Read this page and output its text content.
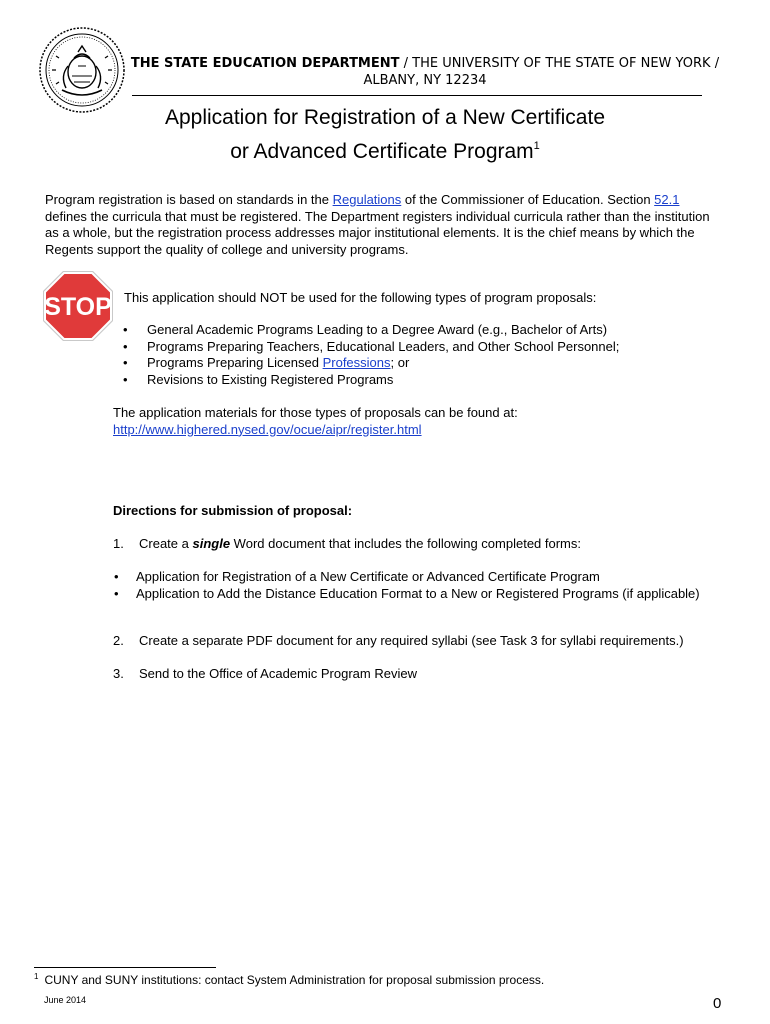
THE STATE EDUCATION DEPARTMENT / THE UNIVERSITY OF THE STATE OF NEW YORK / ALBANY, NY 12234
Application for Registration of a New Certificate
or Advanced Certificate Program$^1$
Program registration is based on standards in the Regulations of the Commissioner of Education. Section 52.1 defines the curricula that must be registered. The Department registers individual curricula rather than the institution as a whole, but the registration process addresses major institutional elements. It is the chief means by which the Regents support the quality of college and university programs.
STOP This application should NOT be used for the following types of program proposals:
• General Academic Programs Leading to a Degree Award (e.g., Bachelor of Arts)
• Programs Preparing Teachers, Educational Leaders, and Other School Personnel;
• Programs Preparing Licensed Professions; or
• Revisions to Existing Registered Programs
The application materials for those types of proposals can be found at:
http://www.highered.nysed.gov/ocue/aipr/register.html
Directions for submission of proposal:
1. Create a single Word document that includes the following completed forms:
• Application for Registration of a New Certificate or Advanced Certificate Program
• Application to Add the Distance Education Format to a New or Registered Programs (if applicable)
2. Create a separate PDF document for any required syllabi (see Task 3 for syllabi requirements.)
3. Send to the Office of Academic Program Review
$^1$ CUNY and SUNY institutions: contact System Administration for proposal submission process.
June 2014	0
